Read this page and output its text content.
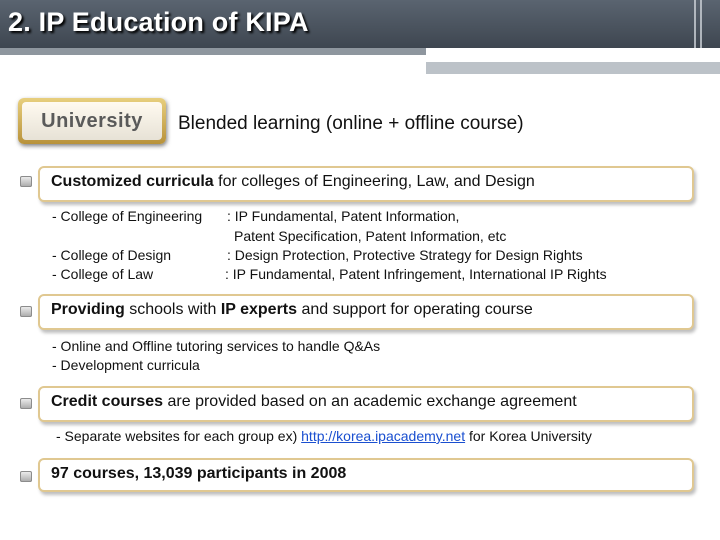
2. IP Education of KIPA
University	Blended learning (online + offline course)
Customized curricula for colleges of Engineering, Law, and Design
- College of Engineering : IP Fundamental, Patent Information,
Patent Specification, Patent Information, etc
- College of Design	: Design Protection, Protective Strategy for Design Rights
- College of Law	: IP Fundamental, Patent Infringement, International IP Rights
Providing schools with IP experts and support for operating course
- Online and Offline tutoring services to handle Q&As
- Development curricula
Credit courses are provided based on an academic exchange agreement
- Separate websites for each group ex) http://korea.ipacademy.net for Korea University
97 courses, 13,039 participants in 2008
